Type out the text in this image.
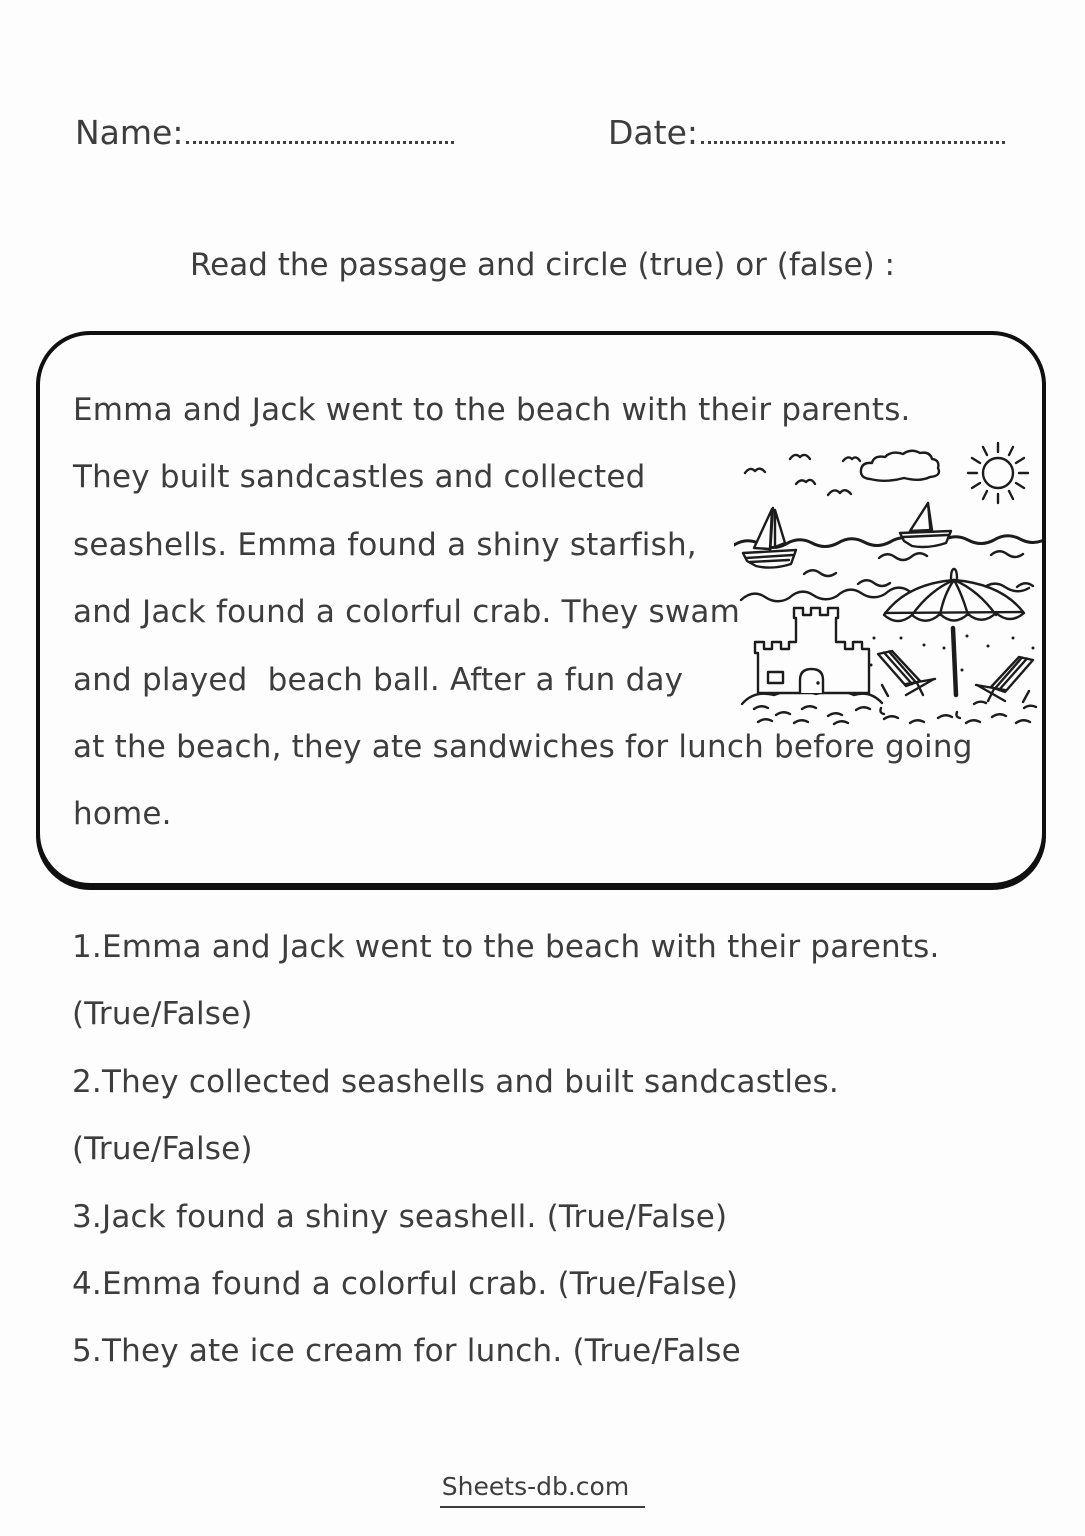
Name:	Date:
Read the passage and circle (true) or (false) :
Emma and Jack went to the beach with their parents.
They built sandcastles and collected
seashells. Emma found a shiny starfish,
and Jack found a colorful crab. They swam
and played  beach ball. After a fun day
at the beach, they ate sandwiches for lunch before going
home.
1.Emma and Jack went to the beach with their parents.
(True/False)
2.They collected seashells and built sandcastles.
(True/False)
3.Jack found a shiny seashell. (True/False)
4.Emma found a colorful crab. (True/False)
5.They ate ice cream for lunch. (True/False
Sheets-db.com
